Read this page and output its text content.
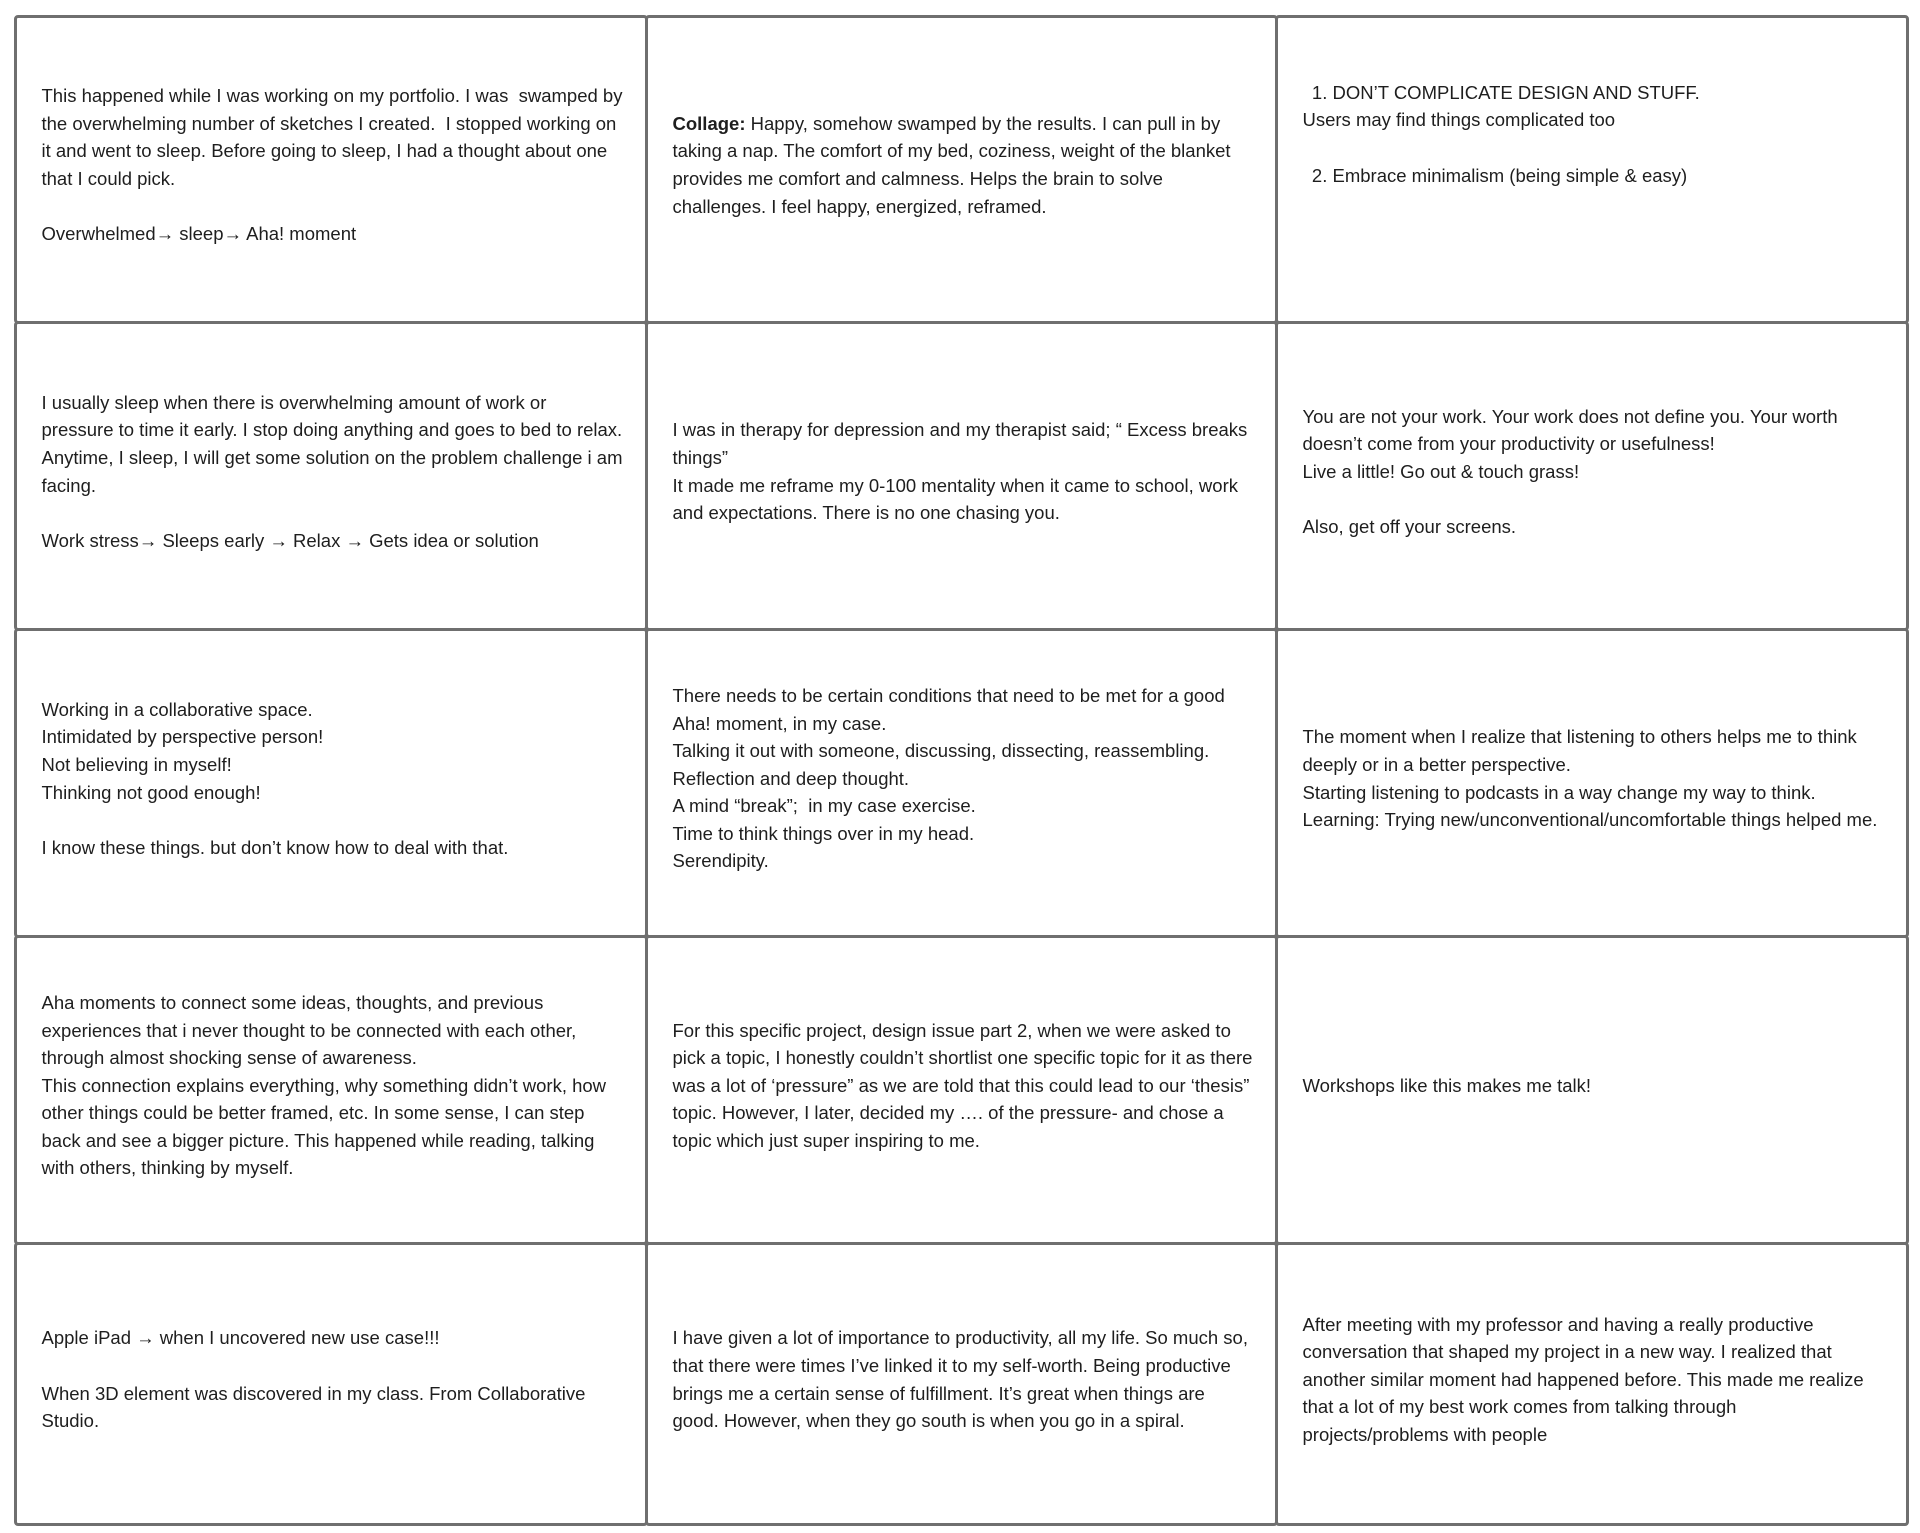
This happened while I was working on my portfolio. I was  swamped by the overwhelming number of sketches I created.  I stopped working on it and went to sleep. Before going to sleep, I had a thought about one that I could pick.

Overwhelmed→ sleep→ Aha! moment
Collage: Happy, somehow swamped by the results. I can pull in by taking a nap. The comfort of my bed, coziness, weight of the blanket provides me comfort and calmness. Helps the brain to solve challenges. I feel happy, energized, reframed.
1. DON’T COMPLICATE DESIGN AND STUFF.

Users may find things complicated too

2. Embrace minimalism (being simple & easy)
I usually sleep when there is overwhelming amount of work or pressure to time it early. I stop doing anything and goes to bed to relax. Anytime, I sleep, I will get some solution on the problem challenge i am facing.

Work stress→ Sleeps early → Relax → Gets idea or solution
I was in therapy for depression and my therapist said; “ Excess breaks things”
It made me reframe my 0-100 mentality when it came to school, work and expectations. There is no one chasing you.
You are not your work. Your work does not define you. Your worth doesn’t come from your productivity or usefulness!
Live a little! Go out & touch grass!

Also, get off your screens.
Working in a collaborative space.
Intimidated by perspective person!
Not believing in myself!
Thinking not good enough!

I know these things. but don’t know how to deal with that.
There needs to be certain conditions that need to be met for a good Aha! moment, in my case.
Talking it out with someone, discussing, dissecting, reassembling.
Reflection and deep thought.
A mind “break”;  in my case exercise.
Time to think things over in my head.
Serendipity.
The moment when I realize that listening to others helps me to think deeply or in a better perspective.
Starting listening to podcasts in a way change my way to think.
Learning: Trying new/unconventional/uncomfortable things helped me.
Aha moments to connect some ideas, thoughts, and previous experiences that i never thought to be connected with each other, through almost shocking sense of awareness.
This connection explains everything, why something didn’t work, how other things could be better framed, etc. In some sense, I can step back and see a bigger picture. This happened while reading, talking with others, thinking by myself.
For this specific project, design issue part 2, when we were asked to pick a topic, I honestly couldn’t shortlist one specific topic for it as there was a lot of ‘pressure” as we are told that this could lead to our ‘thesis” topic. However, I later, decided my …. of the pressure- and chose a topic which just super inspiring to me.
Workshops like this makes me talk!
Apple iPad → when I uncovered new use case!!!

When 3D element was discovered in my class. From Collaborative Studio.
I have given a lot of importance to productivity, all my life. So much so, that there were times I’ve linked it to my self-worth. Being productive brings me a certain sense of fulfillment. It’s great when things are good. However, when they go south is when you go in a spiral.
After meeting with my professor and having a really productive conversation that shaped my project in a new way. I realized that another similar moment had happened before. This made me realize that a lot of my best work comes from talking through projects/problems with people
